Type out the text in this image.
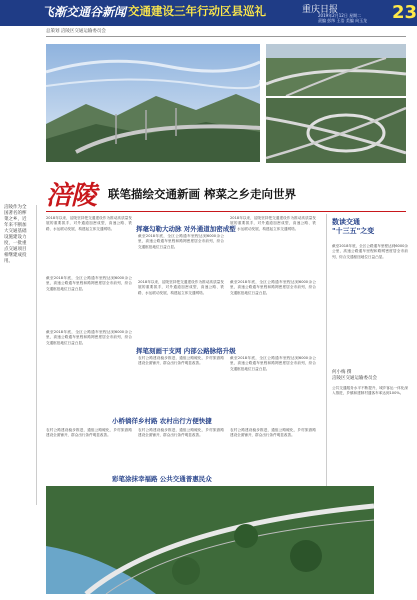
飞渐交通谷新闻 交通建设三年行动区县巡礼	重庆日报
2019年2月12日 星期二
责编 彭纬 王浩 美编 向玉龙	23
总策划 涪陵区交通运输委员会
涪陵作为全国著名的榨菜之乡，近年来不断加大交通基础设施建设力度，一批重点交通项目相继建成投用。
涪陵 联笔描绘交通新画 榨菜之乡走向世界
2018年以来，涪陵坚持把交通建设作为推动高质量发展的重要抓手，对外通道加密成型，高速公路、铁路、水运联动发展，构建起立体交通网络。
截至2018年底，全区公路通车里程达到6000余公里，高速公路通车里程和路网密度居全市前列，综合交通枢纽地位日益凸显。
2018年以来，涪陵坚持把交通建设作为推动高质量发展的重要抓手，对外通道加密成型，高速公路、铁路、水运联动发展，构建起立体交通网络。
挥毫勾勒大动脉 对外通道加密成型
截至2018年底，全区公路通车里程达到6000余公里，高速公路通车里程和路网密度居全市前列，综合交通枢纽地位日益凸显。
2018年以来，涪陵坚持把交通建设作为推动高质量发展的重要抓手，对外通道加密成型，高速公路、铁路、水运联动发展，构建起立体交通网络。
截至2018年底，全区公路通车里程达到6000余公里，高速公路通车里程和路网密度居全市前列，综合交通枢纽地位日益凸显。
挥笔刻画干支网 内部公路脉络升级
截至2018年底，全区公路通车里程达到6000余公里，高速公路通车里程和路网密度居全市前列，综合交通枢纽地位日益凸显。
农村公路建设稳步推进，通组公路硬化、乡村旅游路建设全面铺开，群众出行条件明显改善。
截至2018年底，全区公路通车里程达到6000余公里，高速公路通车里程和路网密度居全市前列，综合交通枢纽地位日益凸显。
小桥徜徉乡村路 农村出行方便快捷
农村公路建设稳步推进，通组公路硬化、乡村旅游路建设全面铺开，群众出行条件明显改善。
农村公路建设稳步推进，通组公路硬化、乡村旅游路建设全面铺开，群众出行条件明显改善。
农村公路建设稳步推进，通组公路硬化、乡村旅游路建设全面铺开，群众出行条件明显改善。
彩笔涂抹幸福路 公共交通普惠民众
数读交通
"十三五"之变
截至2018年底，全区公路通车里程达到6000余公里，高速公路通车里程和路网密度居全市前列，综合交通枢纽地位日益凸显。
何小梅 撰
涪陵区交通运输委员会
公共交通服务水平不断提升，城乡客运一体化深入推进，乡镇和建制村通客车率达到100%。
